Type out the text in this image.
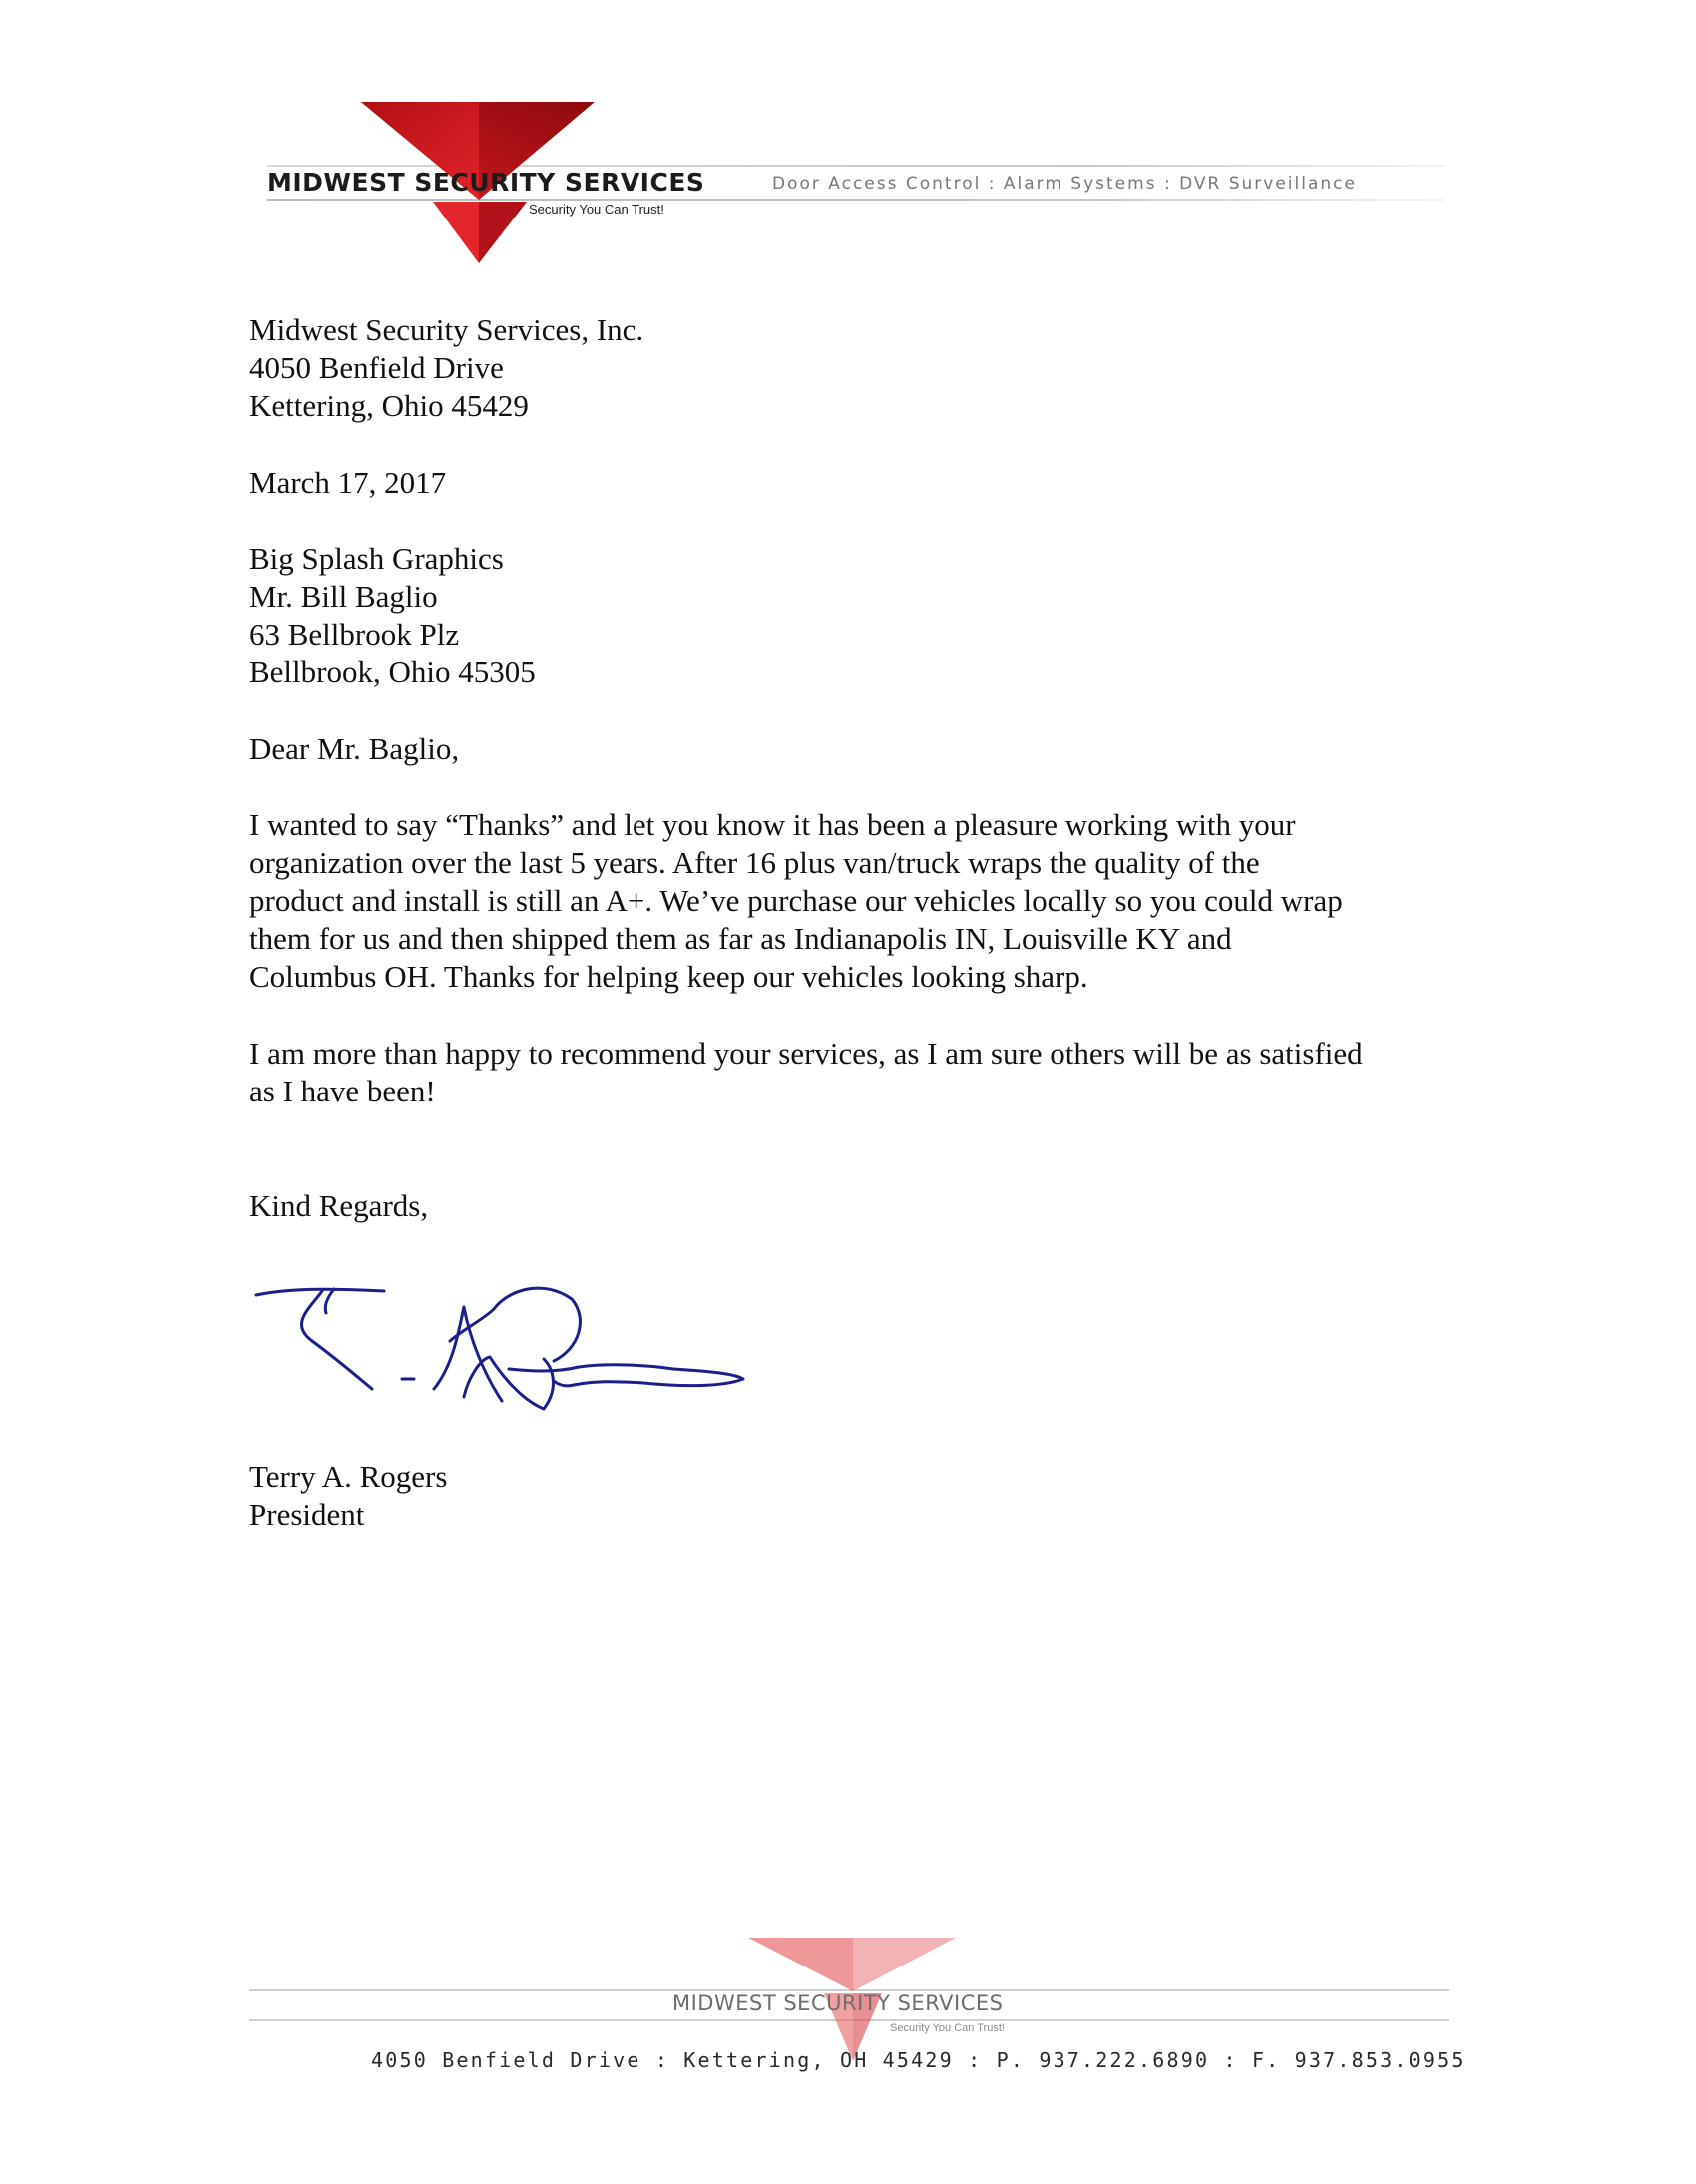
MIDWEST SECURITY SERVICES
Security You Can Trust!
Door Access Control : Alarm Systems : DVR Surveillance
Midwest Security Services, Inc.
4050 Benfield Drive
Kettering, Ohio 45429
March 17, 2017
Big Splash Graphics
Mr. Bill Baglio
63 Bellbrook Plz
Bellbrook, Ohio 45305
Dear Mr. Baglio,
I wanted to say “Thanks” and let you know it has been a pleasure working with your
organization over the last 5 years. After 16 plus van/truck wraps the quality of the
product and install is still an A+. We’ve purchase our vehicles locally so you could wrap
them for us and then shipped them as far as Indianapolis IN, Louisville KY and
Columbus OH. Thanks for helping keep our vehicles looking sharp.
I am more than happy to recommend your services, as I am sure others will be as satisfied
as I have been!
Kind Regards,
Terry A. Rogers
President
MIDWEST SECURITY SERVICES
Security You Can Trust!
4050 Benfield Drive : Kettering, OH 45429 : P. 937.222.6890 : F. 937.853.0955
